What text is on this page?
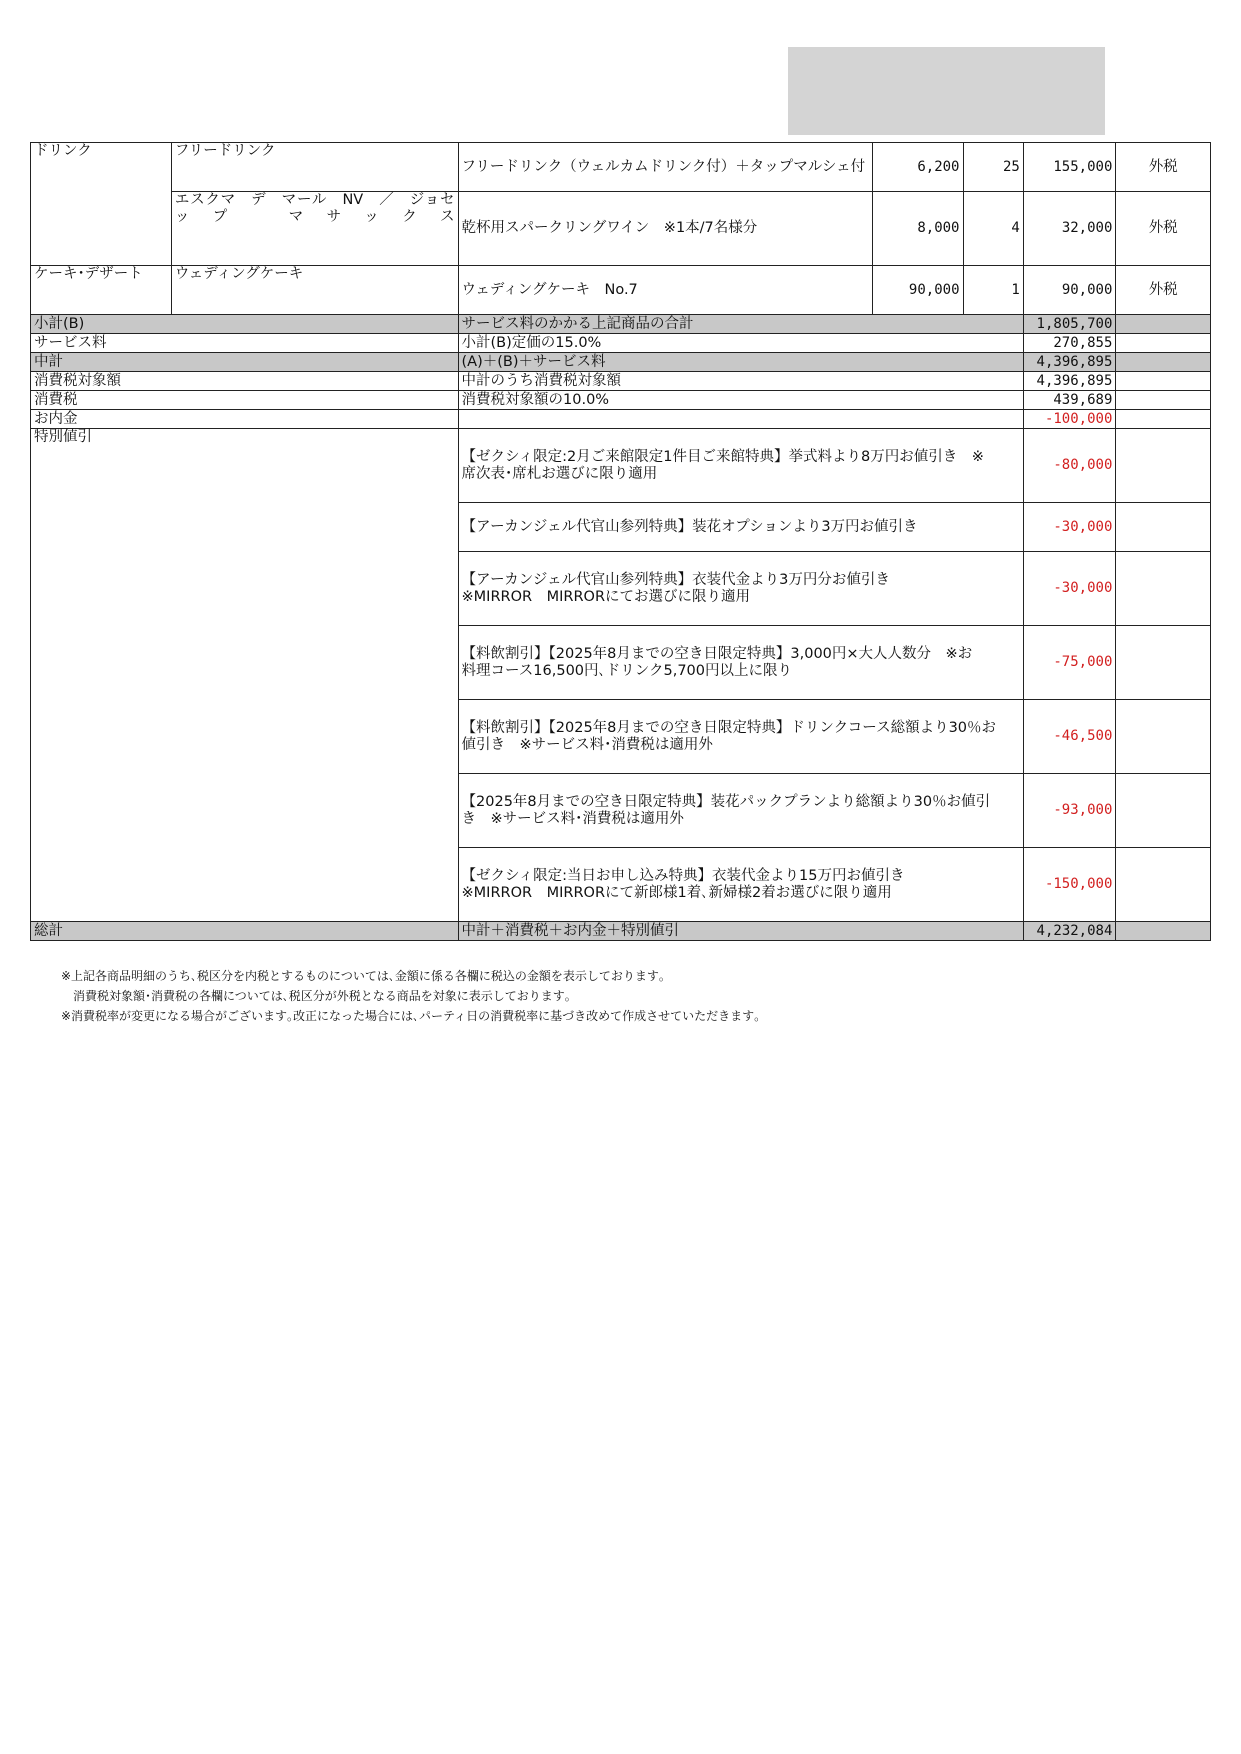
ドリンク	フリードリンク	フリードリンク（ウェルカムドリンク付）＋タップマルシェ付	6,200	25	155,000	外税
	エスクマ　デ　マール　NV　／　ジョセップ　マサックス	乾杯用スパークリングワイン　※1本/7名様分	8,000	4	32,000	外税
ケーキ･デザート	ウェディングケーキ	ウェディングケーキ　No.7	90,000	1	90,000	外税
小計(B)		サービス料のかかる上記商品の合計			1,805,700	
サービス料		小計(B)定価の15.0%			270,855	
中計		(A)＋(B)＋サービス料			4,396,895	
消費税対象額		中計のうち消費税対象額			4,396,895	
消費税		消費税対象額の10.0%			439,689	
お内金					-100,000	
特別値引		【ゼクシィ限定:2月ご来館限定1件目ご来館特典】挙式料より8万円お値引き　※
席次表･席札お選びに限り適用			-80,000	

		【アーカンジェル代官山参列特典】装花オプションより3万円お値引き			-30,000	

		【アーカンジェル代官山参列特典】衣装代金より3万円分お値引き
※MIRROR　MIRRORにてお選びに限り適用			-30,000	

		【料飲割引】【2025年8月までの空き日限定特典】3,000円×大人人数分　※お
料理コース16,500円､ドリンク5,700円以上に限り			-75,000	

		【料飲割引】【2025年8月までの空き日限定特典】ドリンクコース総額より30％お
値引き　※サービス料･消費税は適用外			-46,500	

		【2025年8月までの空き日限定特典】装花パックプランより総額より30％お値引
き　※サービス料･消費税は適用外			-93,000	

		【ゼクシィ限定:当日お申し込み特典】衣装代金より15万円お値引き
※MIRROR　MIRRORにて新郎様1着､新婦様2着お選びに限り適用			-150,000	
総計		中計＋消費税＋お内金＋特別値引			4,232,084	
※上記各商品明細のうち､税区分を内税とするものについては､金額に係る各欄に税込の金額を表示しております｡
　消費税対象額･消費税の各欄については､税区分が外税となる商品を対象に表示しております｡
※消費税率が変更になる場合がございます｡改正になった場合には､パーティ日の消費税率に基づき改めて作成させていただきます｡
